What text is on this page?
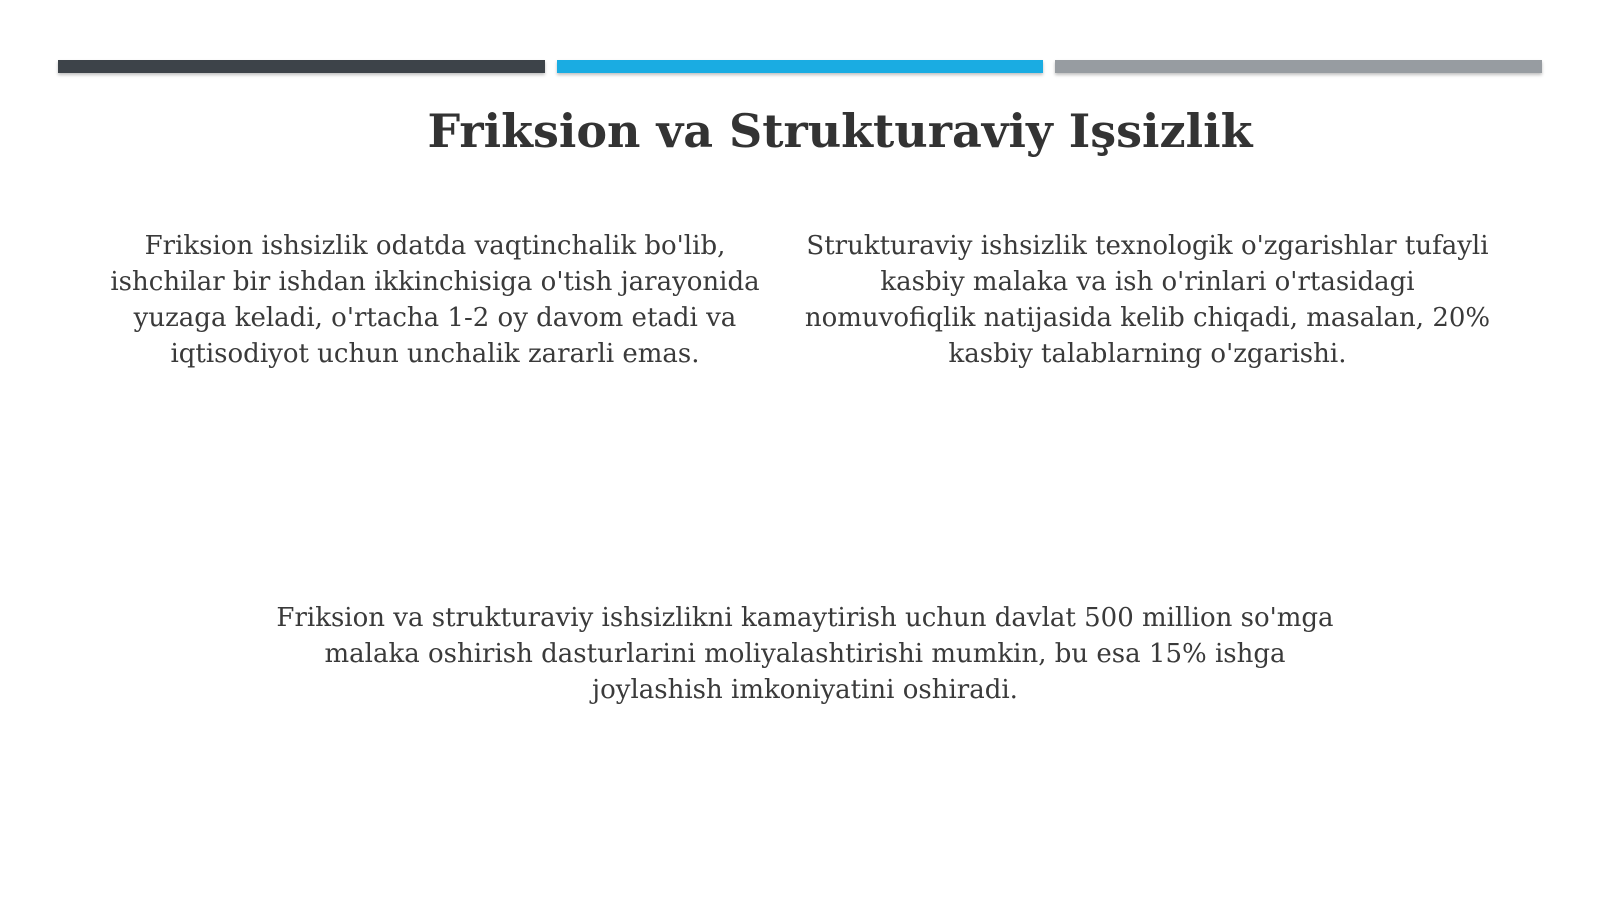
Friksion va Strukturaviy Işsizlik

Friksion ishsizlik odatda vaqtinchalik bo'lib, ishchilar bir ishdan ikkinchisiga o'tish jarayonida yuzaga keladi, o'rtacha 1-2 oy davom etadi va iqtisodiyot uchun unchalik zararli emas.

Strukturaviy ishsizlik texnologik o'zgarishlar tufayli kasbiy malaka va ish o'rinlari o'rtasidagi nomuvofiqlik natijasida kelib chiqadi, masalan, 20% kasbiy talablarning o'zgarishi.

Friksion va strukturaviy ishsizlikni kamaytirish uchun davlat 500 million so'mga malaka oshirish dasturlarini moliyalashtirishi mumkin, bu esa 15% ishga joylashish imkoniyatini oshiradi.
